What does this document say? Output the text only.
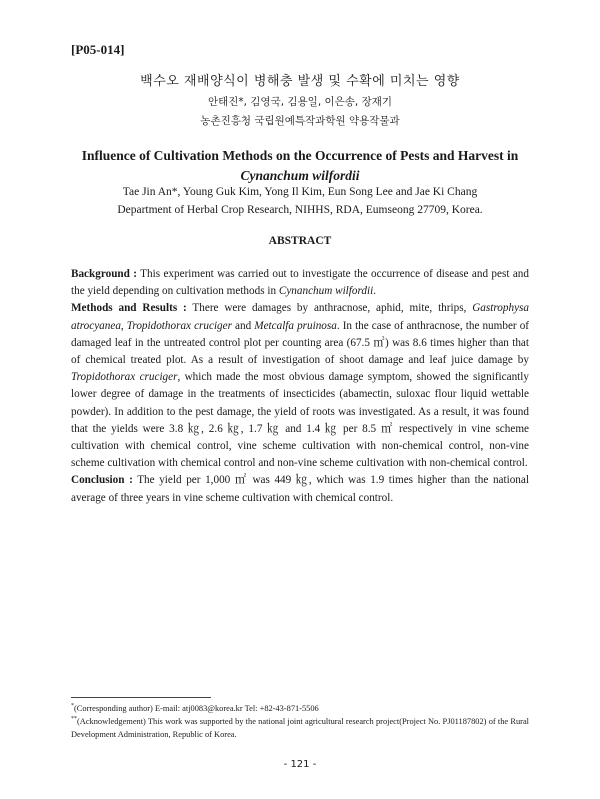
[P05-014]
백수오 재배양식이 병해충 발생 및 수확에 미치는 영향
안태진*, 김영국, 김용일, 이은송, 장재기
농촌진흥청 국립원예특작과학원 약용작물과
Influence of Cultivation Methods on the Occurrence of Pests and Harvest in
Cynanchum wilfordii
Tae Jin An*, Young Guk Kim, Yong Il Kim, Eun Song Lee and Jae Ki Chang
Department of Herbal Crop Research, NIHHS, RDA, Eumseong 27709, Korea.
ABSTRACT

Background : This experiment was carried out to investigate the occurrence of disease and pest and the yield depending on cultivation methods in Cynanchum wilfordii.

Methods and Results : There were damages by anthracnose, aphid, mite, thrips, Gastrophysa atrocyanea, Tropidothorax cruciger and Metcalfa pruinosa. In the case of anthracnose, the number of damaged leaf in the untreated control plot per counting area (67.5 ㎡) was 8.6 times higher than that of chemical treated plot. As a result of investigation of shoot damage and leaf juice damage by Tropidothorax cruciger, which made the most obvious damage symptom, showed the significantly lower degree of damage in the treatments of insecticides (abamectin, suloxac flour liquid wettable powder). In addition to the pest damage, the yield of roots was investigated. As a result, it was found that the yields were 3.8 ㎏, 2.6 ㎏, 1.7 ㎏ and 1.4 ㎏ per 8.5 ㎡ respectively in vine scheme cultivation with chemical control, vine scheme cultivation with non-chemical control, non-vine scheme cultivation with chemical control and non-vine scheme cultivation with non-chemical control.

Conclusion : The yield per 1,000 ㎡ was 449 ㎏, which was 1.9 times higher than the national average of three years in vine scheme cultivation with chemical control.

*(Corresponding author) E-mail: atj0083@korea.kr Tel: +82-43-871-5506

**(Acknowledgement) This work was supported by the national joint agricultural research project(Project No. PJ01187802) of the Rural Development Administration, Republic of Korea.

- 121 -
